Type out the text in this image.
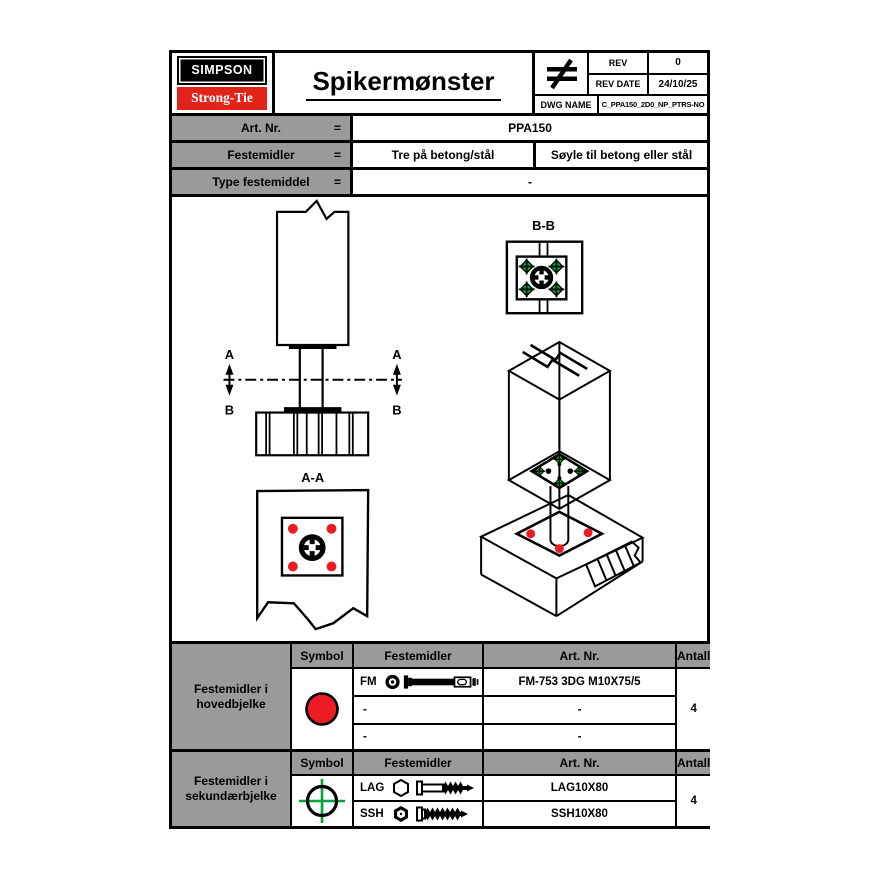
SIMPSON
Strong-Tie
Spikermønster
REV	0
REV DATE	24/10/25
DWG NAME	C_PPA150_2D0_NP_PTRS-NO
Art. Nr.	=	PPA150
Festemidler	=	Tre på betong/stål	Søyle til betong eller stål
Type festemiddel =	-
A	A
B	B
B-B
A-A
Festemidler i hovedbjelke
Symbol	Festemidler	Art. Nr.	Antall
FM	FM-753 3DG M10X75/5
4
-	-
-	-
Festemidler i sekundærbjelke
Symbol	Festemidler	Art. Nr.	Antall
LAG	LAG10X80
4
SSH	SSH10X80
